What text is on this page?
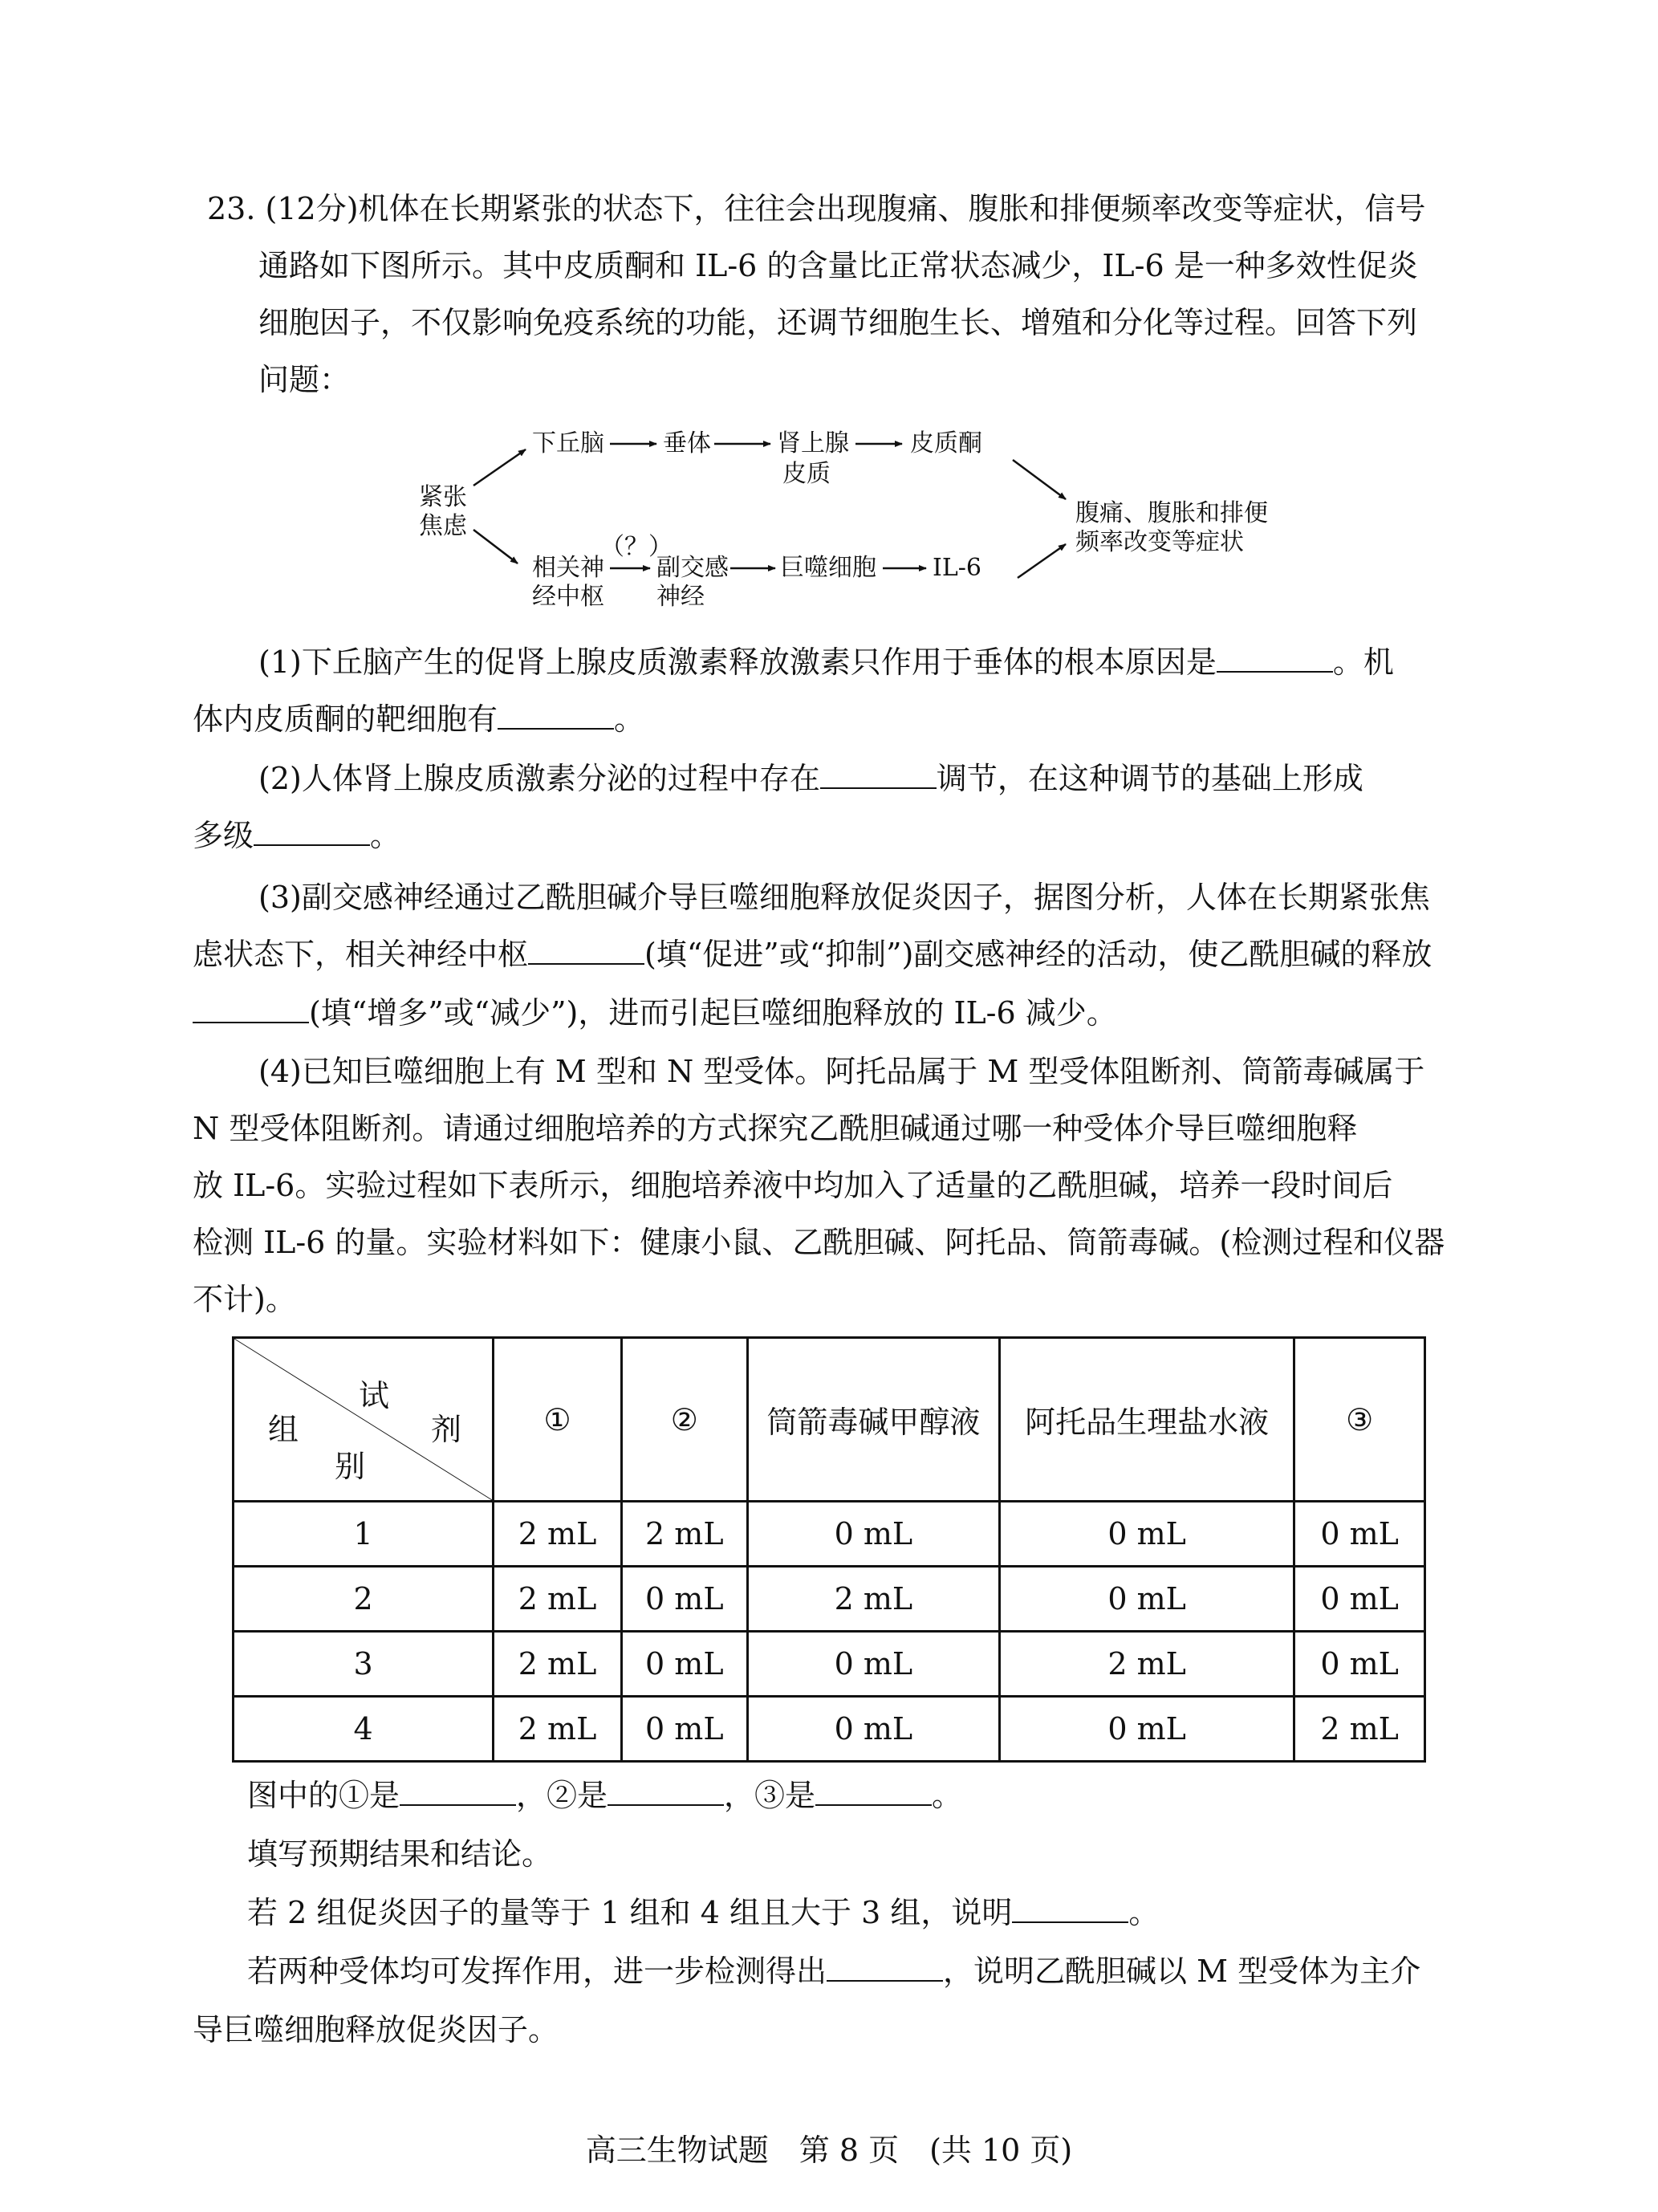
23. (12分)机体在长期紧张的状态下，往往会出现腹痛、腹胀和排便频率改变等症状，信号
通路如下图所示。其中皮质酮和 IL-6 的含量比正常状态减少，IL-6 是一种多效性促炎
细胞因子，不仅影响免疫系统的功能，还调节细胞生长、增殖和分化等过程。回答下列
问题：
紧张
焦虑
下丘脑 垂体	肾上腺
皮质
皮质酮
相关神
经中枢
（？）
副交感
神经
巨噬细胞 IL-6
腹痛、腹胀和排便
频率改变等症状
(1)下丘脑产生的促肾上腺皮质激素释放激素只作用于垂体的根本原因是	。机
体内皮质酮的靶细胞有	。
(2)人体肾上腺皮质激素分泌的过程中存在	调节，在这种调节的基础上形成
多级	。
(3)副交感神经通过乙酰胆碱介导巨噬细胞释放促炎因子，据图分析，人体在长期紧张焦
虑状态下，相关神经中枢	(填“促进”或“抑制”)副交感神经的活动，使乙酰胆碱的释放
(填“增多”或“减少”)，进而引起巨噬细胞释放的 IL-6 减少。
(4)已知巨噬细胞上有 M 型和 N 型受体。阿托品属于 M 型受体阻断剂、筒箭毒碱属于
N 型受体阻断剂。请通过细胞培养的方式探究乙酰胆碱通过哪一种受体介导巨噬细胞释
放 IL-6。实验过程如下表所示，细胞培养液中均加入了适量的乙酰胆碱，培养一段时间后
检测 IL-6 的量。实验材料如下：健康小鼠、乙酰胆碱、阿托品、筒箭毒碱。(检测过程和仪器
不计)。
试
剂
组
别	①	②	筒箭毒碱甲醇液	阿托品生理盐水液	③
1	2 mL	2 mL	0 mL	0 mL	0 mL
2	2 mL	0 mL	2 mL	0 mL	0 mL
3	2 mL	0 mL	0 mL	2 mL	0 mL
4	2 mL	0 mL	0 mL	0 mL	2 mL
图中的①是	，②是	，③是	。
填写预期结果和结论。
若 2 组促炎因子的量等于 1 组和 4 组且大于 3 组，说明	。
若两种受体均可发挥作用，进一步检测得出	，说明乙酰胆碱以 M 型受体为主介
导巨噬细胞释放促炎因子。
高三生物试题　第 8 页　(共 10 页)
